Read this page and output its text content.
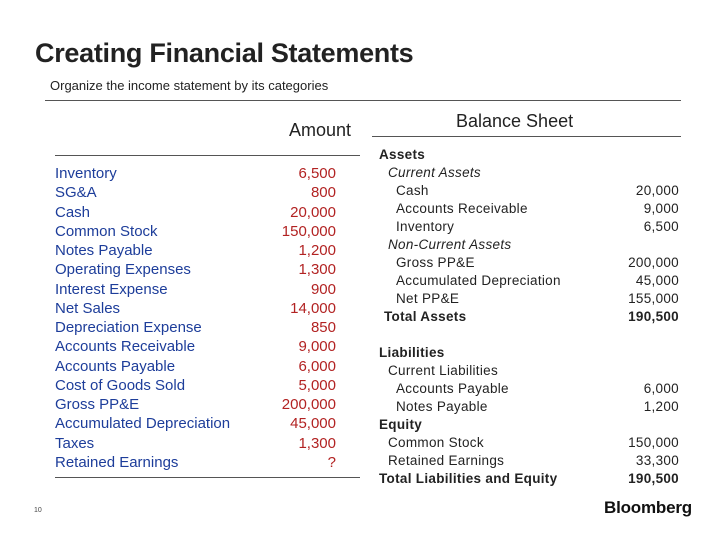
Creating Financial Statements
Organize the income statement by its categories
Amount
Inventory
SG&A
Cash
Common Stock
Notes Payable
Operating Expenses
Interest Expense
Net Sales
Depreciation Expense
Accounts Receivable
Accounts Payable
Cost of Goods Sold
Gross PP&E
Accumulated Depreciation
Taxes
Retained Earnings
6,500
800
20,000
150,000
1,200
1,300
900
14,000
850
9,000
6,000
5,000
200,000
45,000
1,300
?
Balance Sheet
Assets
Current Assets
Cash
Accounts Receivable
Inventory
Non-Current Assets
Gross PP&E
Accumulated Depreciation
Net PP&E
Total Assets

20,000
9,000
6,500

200,000
45,000
155,000
190,500
Liabilities
Current Liabilities
Accounts Payable
Notes Payable
Equity
Common Stock
Retained Earnings
Total Liabilities and Equity

6,000
1,200

150,000
33,300
190,500
10	Bloomberg
